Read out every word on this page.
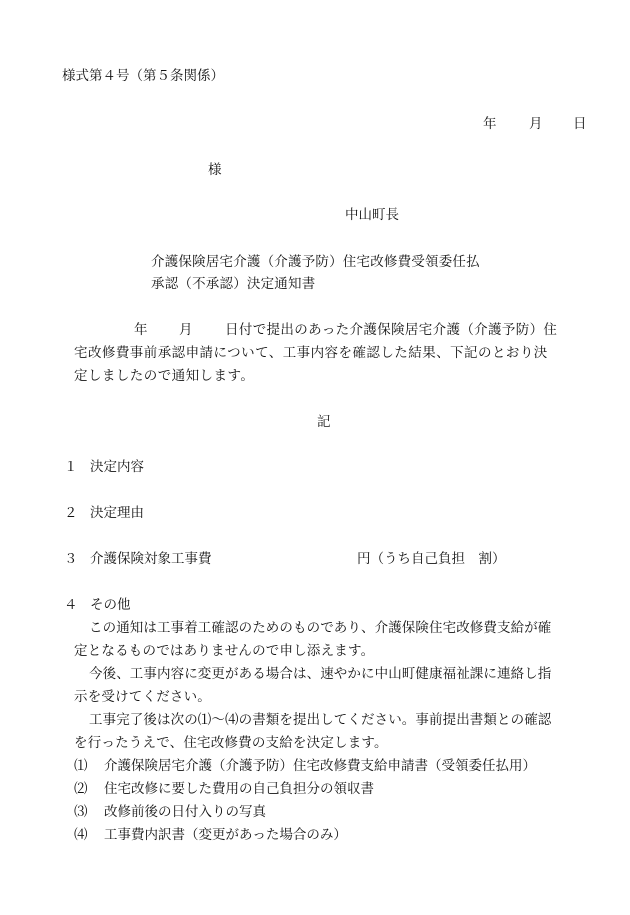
様式第４号（第５条関係）
年 月 日
様
中山町長
介護保険居宅介護（介護予防）住宅改修費受領委任払
承認（不承認）決定通知書
年 月 日付で提出のあった介護保険居宅介護（介護予防）住
宅改修費事前承認申請について、工事内容を確認した結果、下記のとおり決
定しましたので通知します。
記
１ 決定内容
２ 決定理由
３ 介護保険対象工事費	円（うち自己負担　割）
４ その他
この通知は工事着工確認のためのものであり、介護保険住宅改修費支給が確
定となるものではありませんので申し添えます。
今後、工事内容に変更がある場合は、速やかに中山町健康福祉課に連絡し指
示を受けてください。
工事完了後は次の⑴～⑷の書類を提出してください。事前提出書類との確認
を行ったうえで、住宅改修費の支給を決定します。
⑴ 介護保険居宅介護（介護予防）住宅改修費支給申請書（受領委任払用）
⑵ 住宅改修に要した費用の自己負担分の領収書
⑶ 改修前後の日付入りの写真
⑷ 工事費内訳書（変更があった場合のみ）
